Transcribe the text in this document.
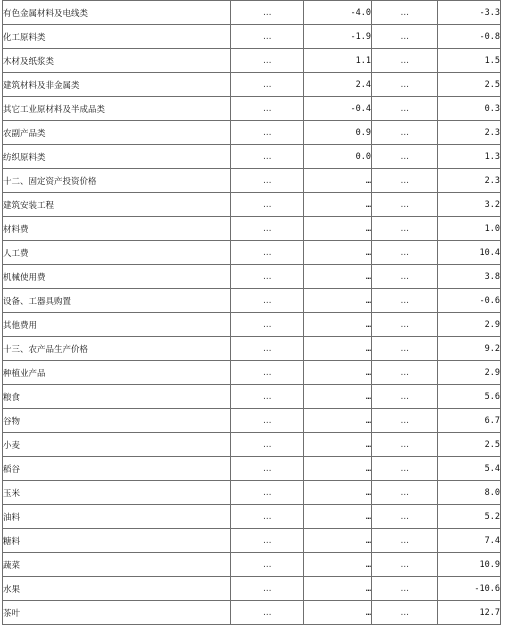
有色金属材料及电线类	…	-4.0	…	-3.3
化工原料类	…	-1.9	…	-0.8
木材及纸浆类	…	1.1	…	1.5
建筑材料及非金属类	…	2.4	…	2.5
其它工业原材料及半成品类	…	-0.4	…	0.3
农副产品类	…	0.9	…	2.3
纺织原料类	…	0.0	…	1.3
十二、固定资产投资价格	…	…	…	2.3
建筑安装工程	…	…	…	3.2
材料费	…	…	…	1.0
人工费	…	…	…	10.4
机械使用费	…	…	…	3.8
设备、工器具购置	…	…	…	-0.6
其他费用	…	…	…	2.9
十三、农产品生产价格	…	…	…	9.2
种植业产品	…	…	…	2.9
粮食	…	…	…	5.6
谷物	…	…	…	6.7
小麦	…	…	…	2.5
稻谷	…	…	…	5.4
玉米	…	…	…	8.0
油料	…	…	…	5.2
糖料	…	…	…	7.4
蔬菜	…	…	…	10.9
水果	…	…	…	-10.6
茶叶	…	…	…	12.7
